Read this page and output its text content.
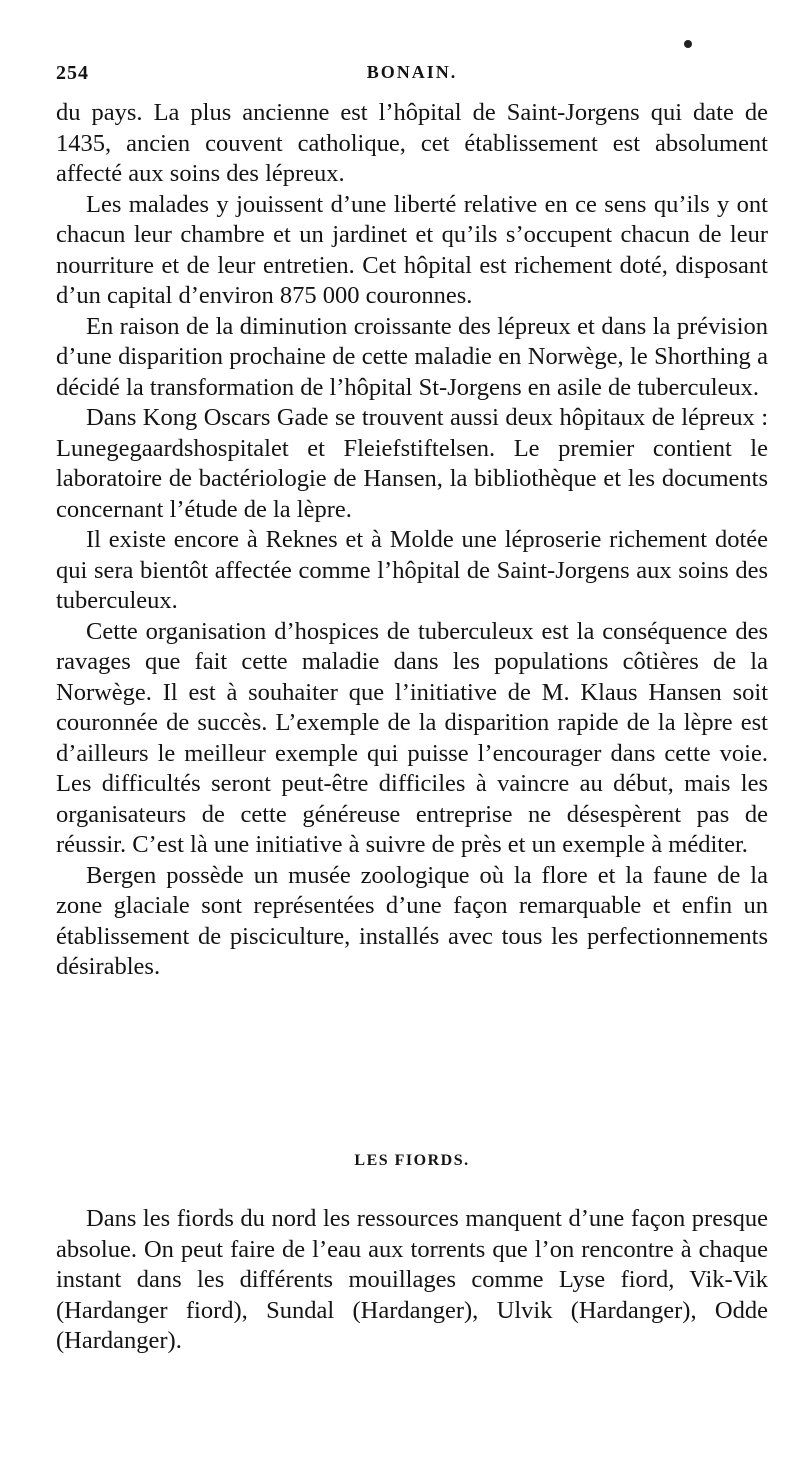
254	BONAIN.

du pays. La plus ancienne est l’hôpital de Saint-Jorgens qui date de 1435, ancien couvent catholique, cet établissement est absolument affecté aux soins des lépreux.

Les malades y jouissent d’une liberté relative en ce sens qu’ils y ont chacun leur chambre et un jardinet et qu’ils s’occupent chacun de leur nourriture et de leur entretien. Cet hôpital est richement doté, disposant d’un capital d’environ 875 000 couronnes.

En raison de la diminution croissante des lépreux et dans la prévision d’une disparition prochaine de cette maladie en Norwège, le Shorthing a décidé la transformation de l’hôpital St-Jorgens en asile de tuberculeux.

Dans Kong Oscars Gade se trouvent aussi deux hôpitaux de lépreux : Lunegegaardshospitalet et Fleiefstiftelsen. Le premier contient le laboratoire de bactériologie de Hansen, la bibliothèque et les documents concernant l’étude de la lèpre.

Il existe encore à Reknes et à Molde une léproserie richement dotée qui sera bientôt affectée comme l’hôpital de Saint-Jorgens aux soins des tuberculeux.

Cette organisation d’hospices de tuberculeux est la conséquence des ravages que fait cette maladie dans les populations côtières de la Norwège. Il est à souhaiter que l’initiative de M. Klaus Hansen soit couronnée de succès. L’exemple de la disparition rapide de la lèpre est d’ailleurs le meilleur exemple qui puisse l’encourager dans cette voie. Les difficultés seront peut-être difficiles à vaincre au début, mais les organisateurs de cette généreuse entreprise ne désespèrent pas de réussir. C’est là une initiative à suivre de près et un exemple à méditer.

Bergen possède un musée zoologique où la flore et la faune de la zone glaciale sont représentées d’une façon remarquable et enfin un établissement de pisciculture, installés avec tous les perfectionnements désirables.

LES FIORDS.

Dans les fiords du nord les ressources manquent d’une façon presque absolue. On peut faire de l’eau aux torrents que l’on rencontre à chaque instant dans les différents mouillages comme Lyse fiord, Vik-Vik (Hardanger fiord), Sundal (Hardanger), Ulvik (Hardanger), Odde (Hardanger).
